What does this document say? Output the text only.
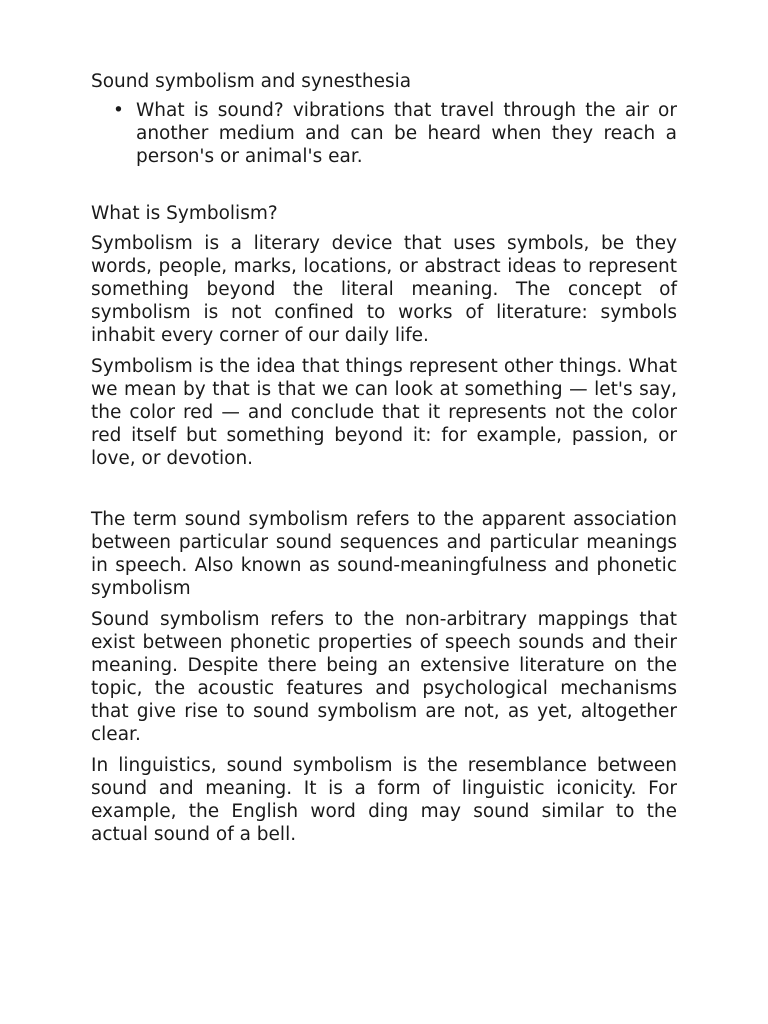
Sound symbolism and synesthesia
• What is sound? vibrations that travel through the air or another medium and can be heard when they reach a person's or animal's ear.
What is Symbolism?

Symbolism is a literary device that uses symbols, be they words, people, marks, locations, or abstract ideas to represent something beyond the literal meaning. The concept of symbolism is not confined to works of literature: symbols inhabit every corner of our daily life.

Symbolism is the idea that things represent other things. What we mean by that is that we can look at something — let's say, the color red — and conclude that it represents not the color red itself but something beyond it: for example, passion, or love, or devotion.

The term sound symbolism refers to the apparent association between particular sound sequences and particular meanings in speech. Also known as sound-meaningfulness and phonetic symbolism

Sound symbolism refers to the non-arbitrary mappings that exist between phonetic properties of speech sounds and their meaning. Despite there being an extensive literature on the topic, the acoustic features and psychological mechanisms that give rise to sound symbolism are not, as yet, altogether clear.

In linguistics, sound symbolism is the resemblance between sound and meaning. It is a form of linguistic iconicity. For example, the English word ding may sound similar to the actual sound of a bell.
